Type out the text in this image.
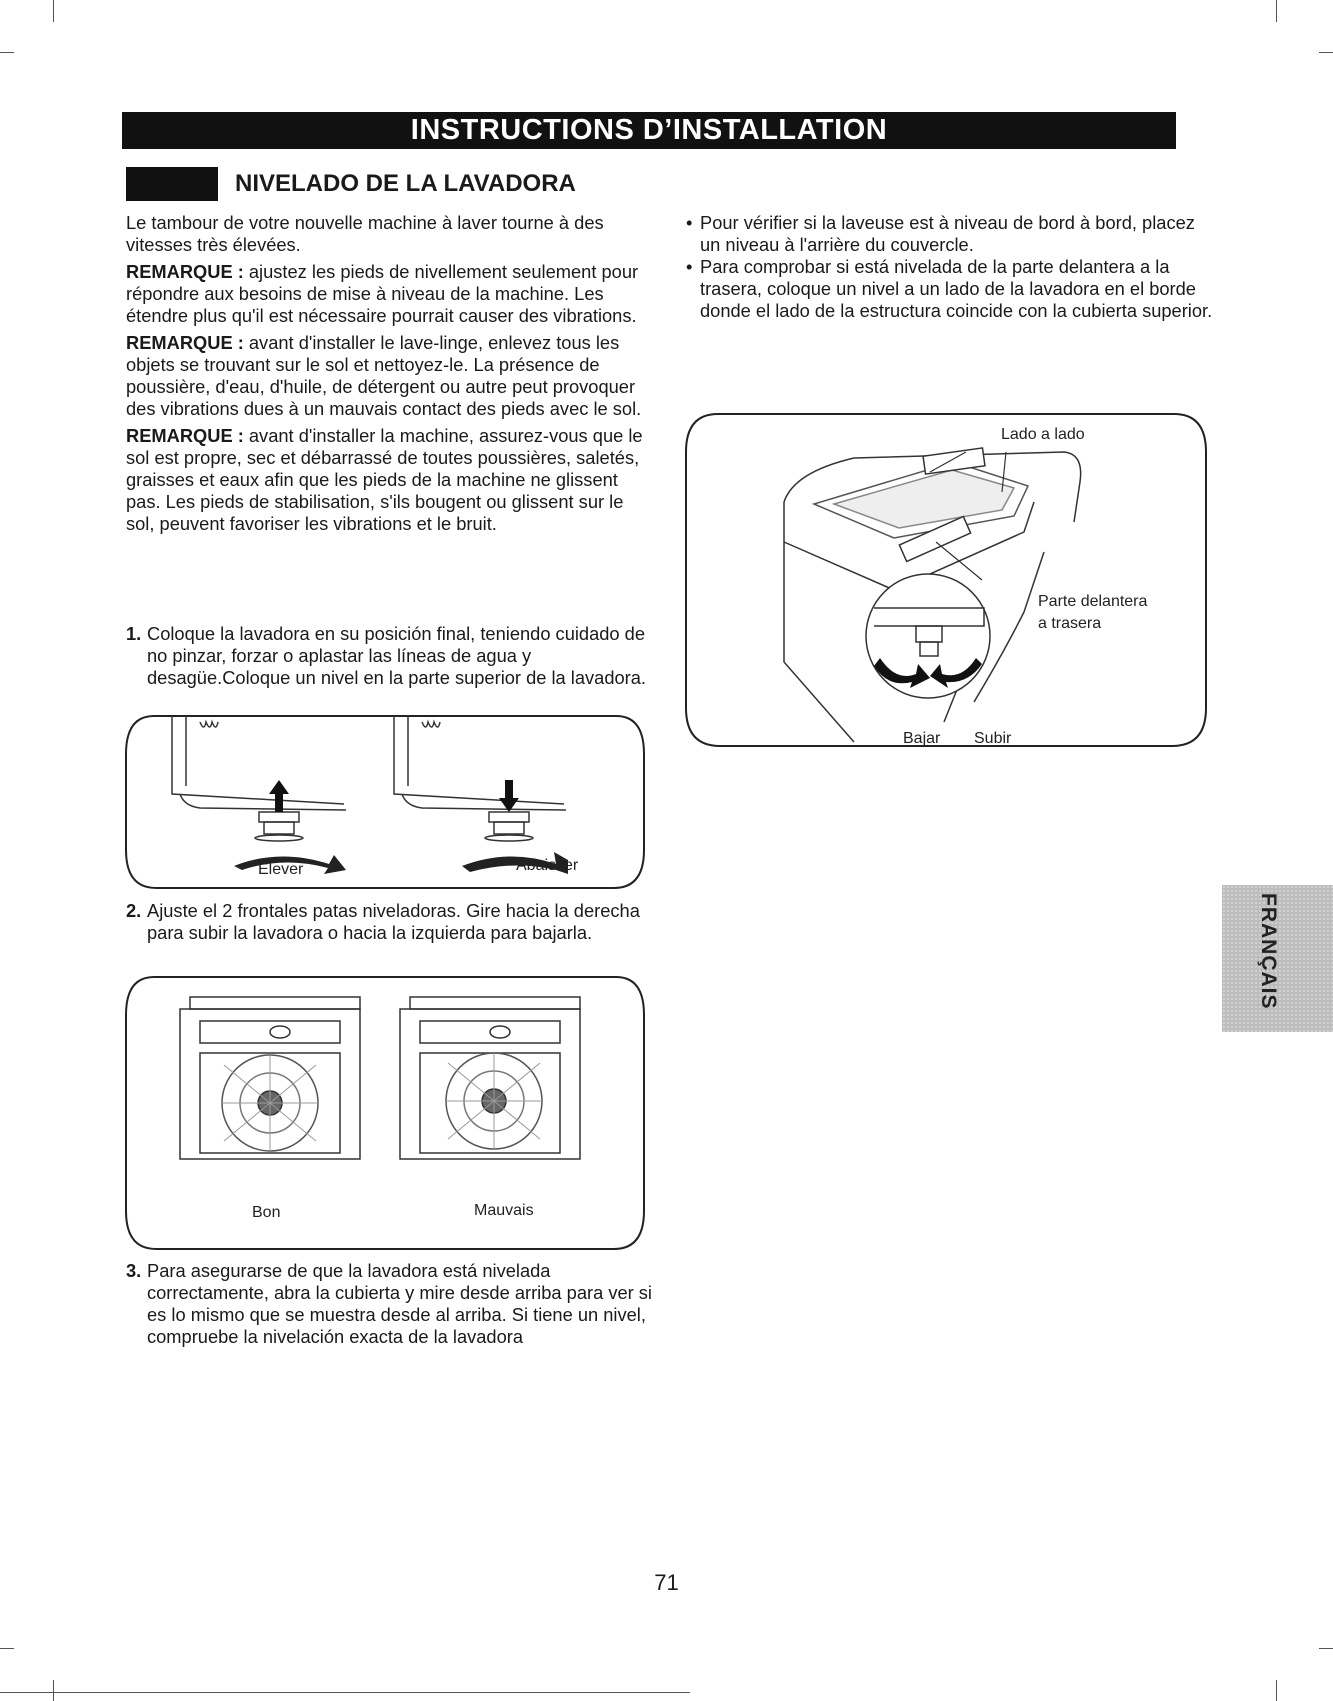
INSTRUCTIONS D’INSTALLATION
NIVELADO DE LA LAVADORA

Le tambour de votre nouvelle machine à laver tourne à des vitesses très élevées.

REMARQUE : ajustez les pieds de nivellement seulement pour répondre aux besoins de mise à niveau de la machine. Les étendre plus qu'il est nécessaire pourrait causer des vibrations.

REMARQUE : avant d'installer le lave-linge, enlevez tous les objets se trouvant sur le sol et nettoyez-le. La présence de poussière, d'eau, d'huile, de détergent ou autre peut provoquer des vibrations dues à un mauvais contact des pieds avec le sol.

REMARQUE : avant d'installer la machine, assurez-vous que le sol est propre, sec et débarrassé de toutes poussières, saletés, graisses et eaux afin que les pieds de la machine ne glissent pas. Les pieds de stabilisation, s'ils bougent ou glissent sur le sol, peuvent favoriser les vibrations et le bruit.

1. Coloque la lavadora en su posición final, teniendo cuidado de no pinzar, forzar o aplastar las líneas de agua y desagüe.Coloque un nivel en la parte superior de la lavadora.
Élever	Abaisser
2. Ajuste el 2 frontales patas niveladoras. Gire hacia la derecha para subir la lavadora o hacia la izquierda para bajarla.
Bon	Mauvais
3. Para asegurarse de que la lavadora está nivelada correctamente, abra la cubierta y mire desde arriba para ver si es lo mismo que se muestra desde al arriba. Si tiene un nivel, compruebe la nivelación exacta de la lavadora

• Pour vérifier si la laveuse est à niveau de bord à bord, placez un niveau à l'arrière du couvercle.

• Para comprobar si está nivelada de la parte delantera a la trasera, coloque un nivel a un lado de la lavadora en el borde donde el lado de la estructura coincide con la cubierta superior.

Lado a lado
Parte delantera
a trasera
Bajar Subir
FRANÇAIS
71
